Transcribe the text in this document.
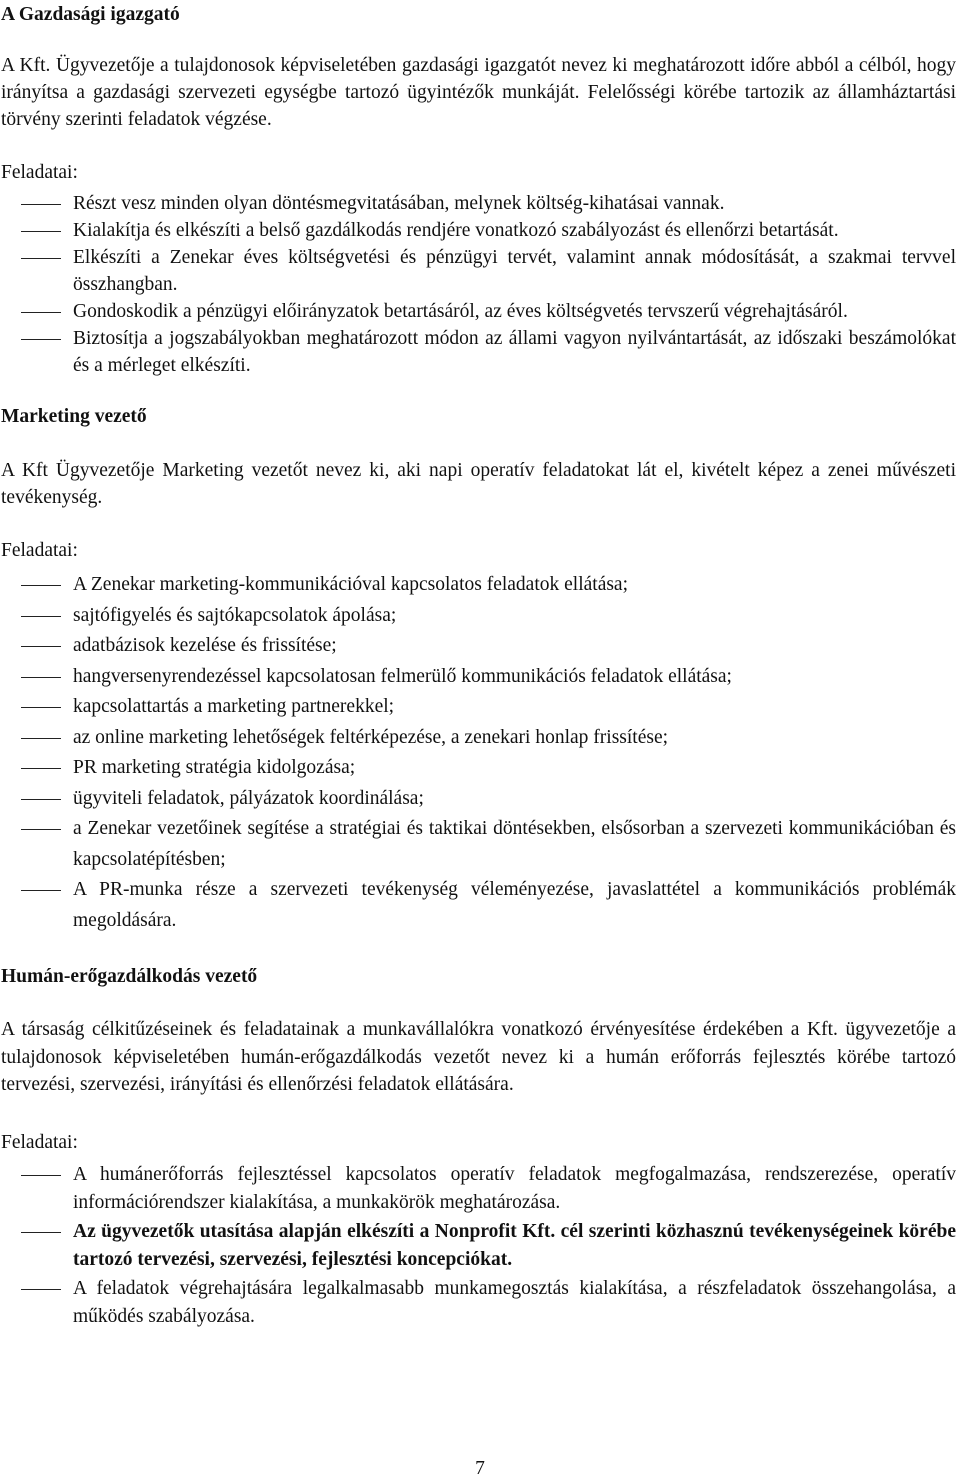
A Gazdasági igazgató

A Kft. Ügyvezetője a tulajdonosok képviseletében gazdasági igazgatót nevez ki meghatározott időre abból a célból, hogy irányítsa a gazdasági szervezeti egységbe tartozó ügyintézők munkáját. Felelősségi körébe tartozik az államháztartási törvény szerinti feladatok végzése.

Feladatai:

Részt vesz minden olyan döntésmegvitatásában, melynek költség-kihatásai vannak.
Kialakítja és elkészíti a belső gazdálkodás rendjére vonatkozó szabályozást és ellenőrzi betartását.
Elkészíti a Zenekar éves költségvetési és pénzügyi tervét, valamint annak módosítását, a szakmai tervvel összhangban.
Gondoskodik a pénzügyi előirányzatok betartásáról, az éves költségvetés tervszerű végrehajtásáról.
Biztosítja a jogszabályokban meghatározott módon az állami vagyon nyilvántartását, az időszaki beszámolókat és a mérleget elkészíti.

Marketing vezető

A Kft Ügyvezetője Marketing vezetőt nevez ki, aki napi operatív feladatokat lát el, kivételt képez a zenei művészeti tevékenység.

Feladatai:

A Zenekar marketing-kommunikációval kapcsolatos feladatok ellátása;
sajtófigyelés és sajtókapcsolatok ápolása;
adatbázisok kezelése és frissítése;
hangversenyrendezéssel kapcsolatosan felmerülő kommunikációs feladatok ellátása;
kapcsolattartás a marketing partnerekkel;
az online marketing lehetőségek feltérképezése, a zenekari honlap frissítése;
PR marketing stratégia kidolgozása;
ügyviteli feladatok, pályázatok koordinálása;
a Zenekar vezetőinek segítése a stratégiai és taktikai döntésekben, elsősorban a szervezeti kommunikációban és kapcsolatépítésben;
A PR-munka része a szervezeti tevékenység véleményezése, javaslattétel a kommunikációs problémák megoldására.

Humán-erőgazdálkodás vezető

A társaság célkitűzéseinek és feladatainak a munkavállalókra vonatkozó érvényesítése érdekében a Kft. ügyvezetője a tulajdonosok képviseletében humán-erőgazdálkodás vezetőt nevez ki a humán erőforrás fejlesztés körébe tartozó tervezési, szervezési, irányítási és ellenőrzési feladatok ellátására.

Feladatai:

A humánerőforrás fejlesztéssel kapcsolatos operatív feladatok megfogalmazása, rendszerezése, operatív információrendszer kialakítása, a munkakörök meghatározása.
Az ügyvezetők utasítása alapján elkészíti a Nonprofit Kft. cél szerinti közhasznú tevékenységeinek körébe tartozó tervezési, szervezési, fejlesztési koncepciókat.
A feladatok végrehajtására legalkalmasabb munkamegosztás kialakítása, a részfeladatok összehangolása, a működés szabályozása.
7
